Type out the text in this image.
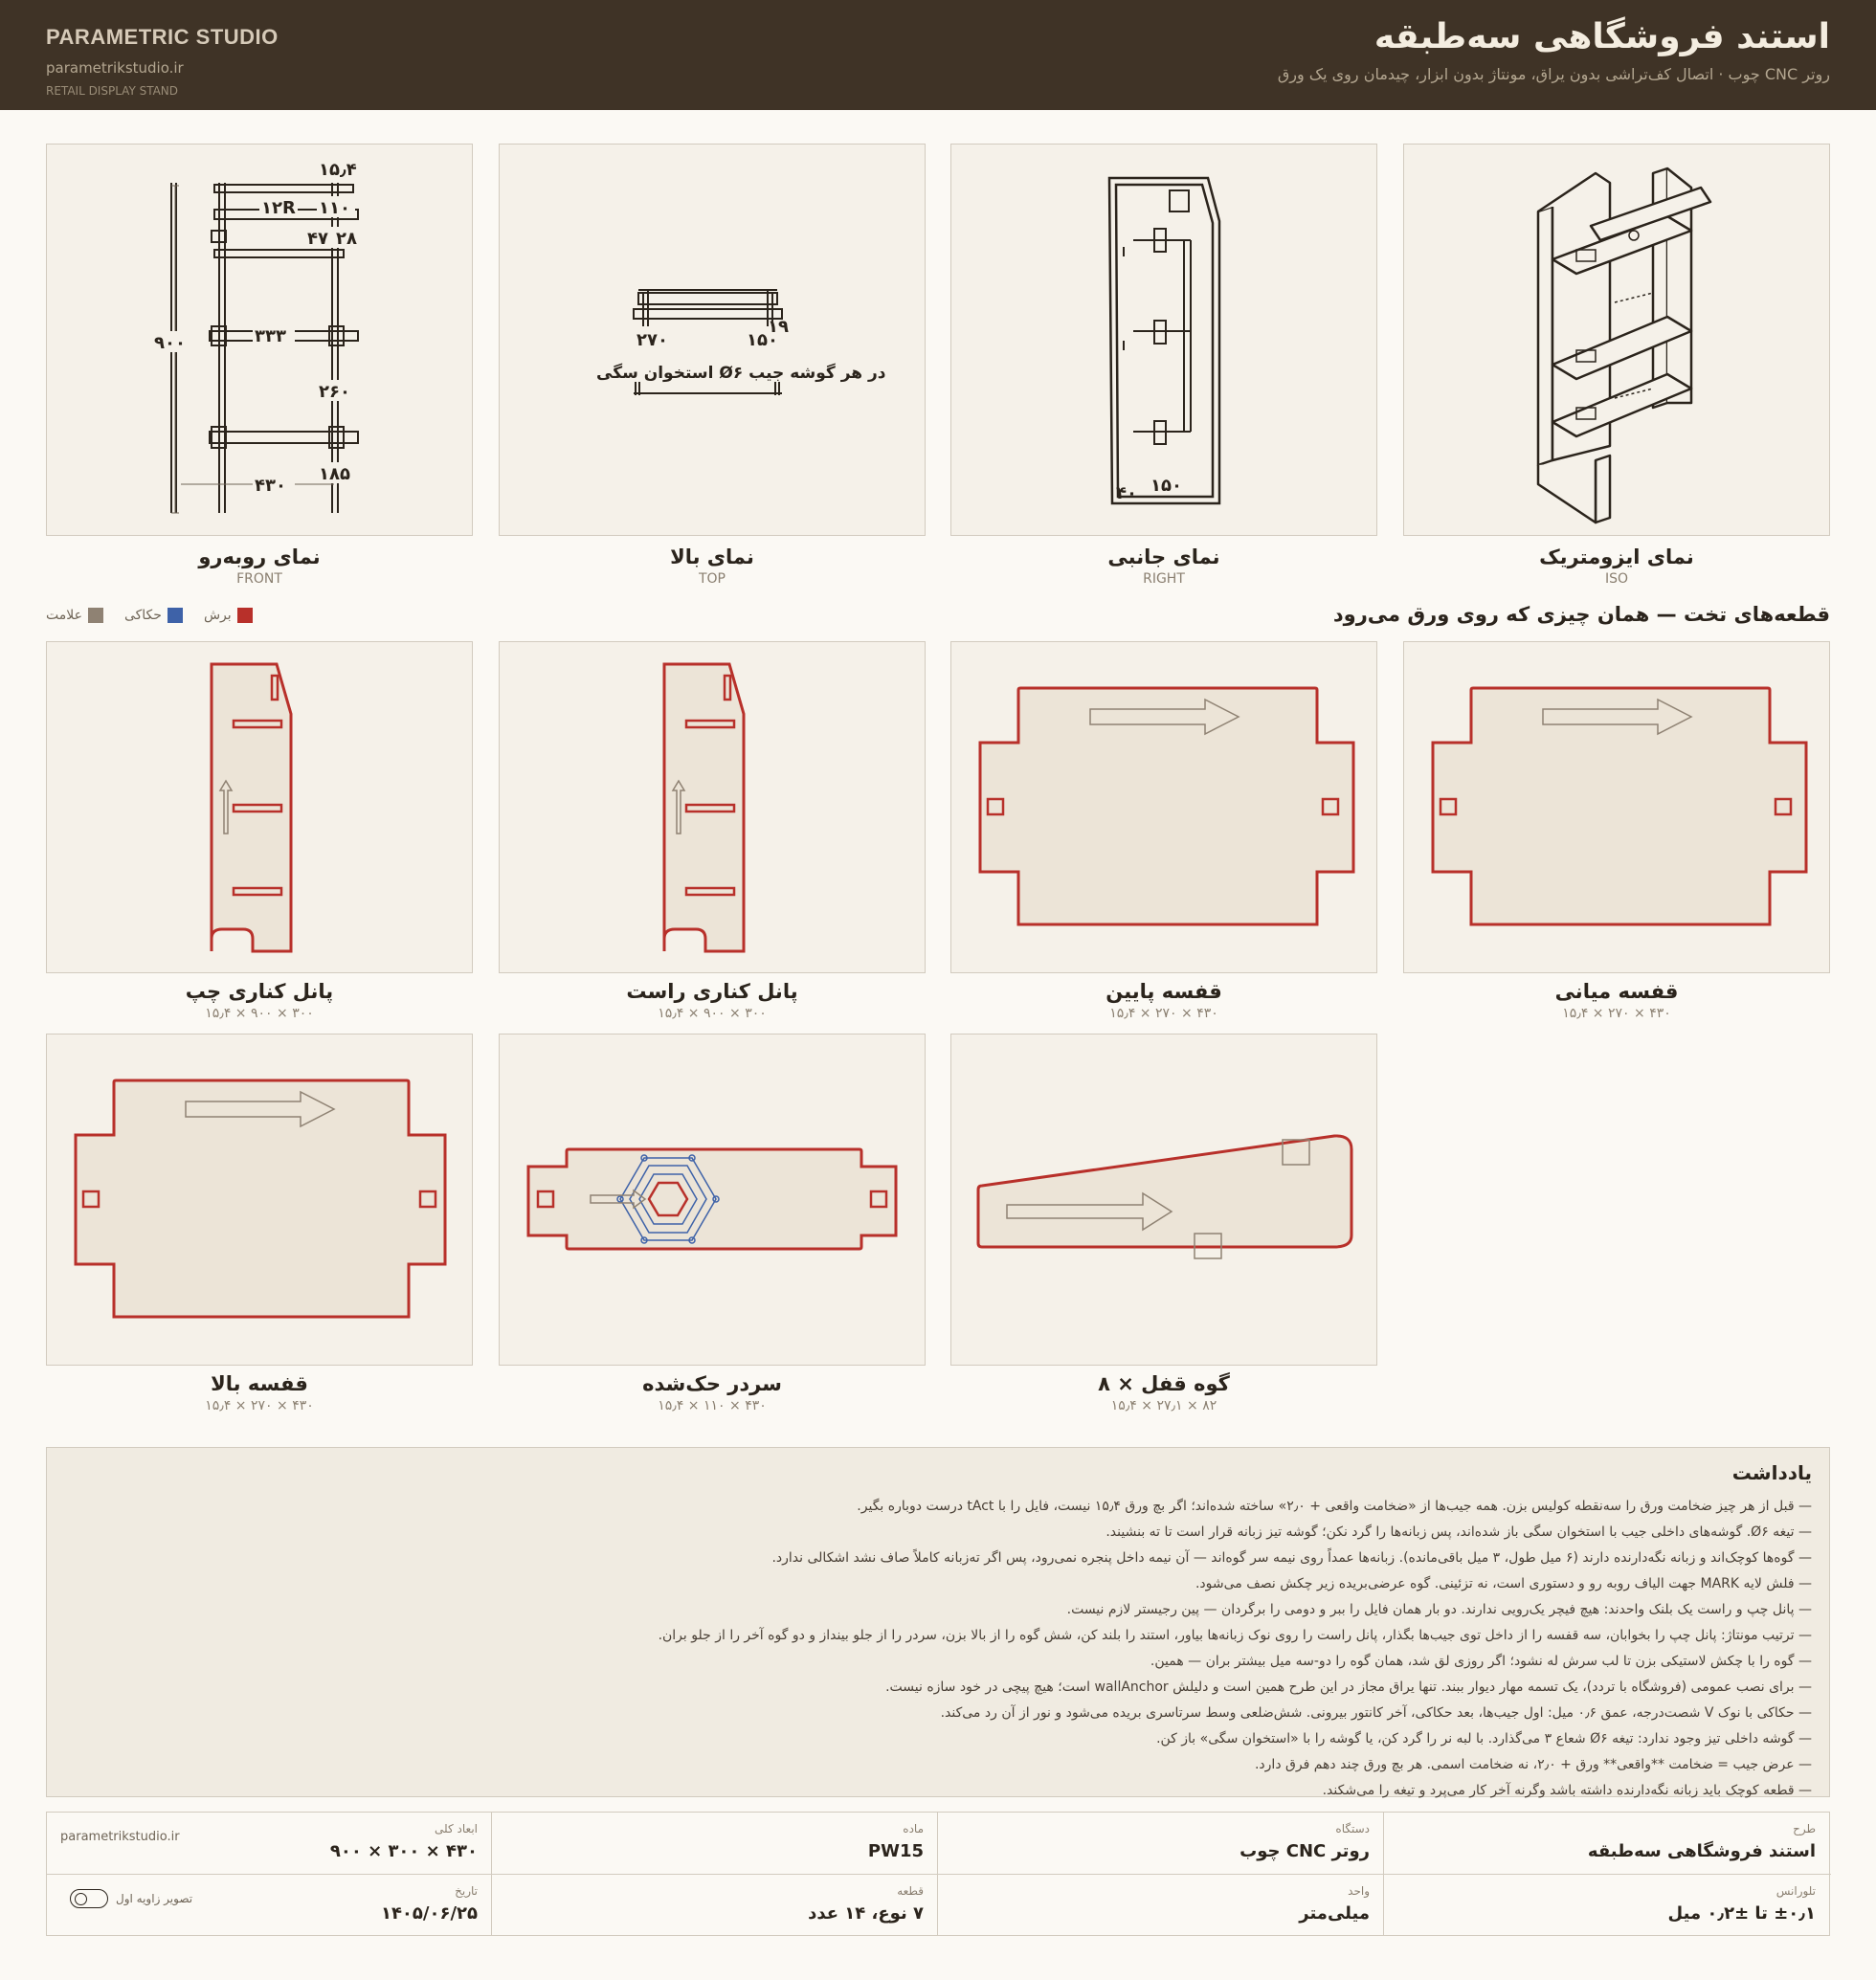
PARAMETRIC STUDIO
parametrikstudio.ir
RETAIL DISPLAY STAND
استند فروشگاهی سه‌طبقه
روتر CNC چوب · اتصال کف‌تراشی بدون یراق، مونتاژ بدون ابزار، چیدمان روی یک ورق
۱۵٫۴
۱۲R ۱۱۰
۴۷ ۲۸
۹۰۰	۳۳۳
۲۶۰
۴۳۰
۱۸۵
نمای رو‌به‌رو
FRONT
۲۷۰	۱۵۰
۱۹
استخوان سگی Ø۶ در هر گوشه جیب
نمای بالا
TOP
۱۵۰
۴۰
نمای جانبی
RIGHT
نمای ایزومتریک
ISO
قطعه‌های تخت — همان چیزی که روی ورق می‌رود
برش
حکاکی
علامت
پانل کناری چپ
۳۰۰ × ۹۰۰ × ۱۵٫۴
پانل کناری راست
۳۰۰ × ۹۰۰ × ۱۵٫۴
قفسه پایین
۴۳۰ × ۲۷۰ × ۱۵٫۴
قفسه میانی
۴۳۰ × ۲۷۰ × ۱۵٫۴
قفسه بالا
۴۳۰ × ۲۷۰ × ۱۵٫۴
سردر حک‌شده
۴۳۰ × ۱۱۰ × ۱۵٫۴
گوه قفل × ۸
۸۲ × ۲۷٫۱ × ۱۵٫۴
یادداشت
— قبل از هر چیز ضخامت ورق را سه‌نقطه کولیس بزن. همه جیب‌ها از «ضخامت واقعی + ۲٫۰» ساخته شده‌اند؛ اگر بچ ورق ۱۵٫۴ نیست، فایل را با tAct درست دوباره بگیر.
— تیغه Ø۶. گوشه‌های داخلی جیب با استخوان سگی باز شده‌اند، پس زبانه‌ها را گرد نکن؛ گوشه تیز زبانه قرار است تا ته بنشیند.
— گوه‌ها کوچک‌اند و زبانه نگه‌دارنده دارند (۶ میل طول، ۳ میل باقی‌مانده). زبانه‌ها عمداً روی نیمه سر گوه‌اند — آن نیمه داخل پنجره نمی‌رود، پس اگر ته‌زبانه کاملاً صاف نشد اشکالی ندارد.
— فلش لایه MARK جهت الیاف رو‌به رو و دستوری است، نه تزئینی. گوه عرضی‌بریده زیر چکش نصف می‌شود.
— پانل چپ و راست یک بلنک واحدند: هیچ فیچر یک‌رویی ندارند. دو بار همان فایل را ببر و دومی را برگردان — پین رجیستر لازم نیست.
— ترتیب مونتاژ: پانل چپ را بخوابان، سه قفسه را از داخل توی جیب‌ها بگذار، پانل راست را روی نوک زبانه‌ها بیاور، استند را بلند کن، شش گوه را از بالا بزن، سردر را از جلو بینداز و دو گوه آخر را از جلو بران.
— گوه را با چکش لاستیکی بزن تا لب سرش له نشود؛ اگر روزی لق شد، همان گوه را دو-سه میل بیشتر بران — همین.
— برای نصب عمومی (فروشگاه با تردد)، یک تسمه مهار دیوار ببند. تنها یراق مجاز در این طرح همین است و دلیلش wallAnchor است؛ هیچ پیچی در خود سازه نیست.
— حکاکی با نوک V شصت‌درجه، عمق ۰٫۶ میل: اول جیب‌ها، بعد حکاکی، آخر کانتور بیرونی. شش‌ضلعی وسط سرتاسری بریده می‌شود و نور از آن رد می‌کند.
— گوشه داخلی تیز وجود ندارد: تیغه Ø۶ شعاع ۳ می‌گذارد. با لبه نر را گرد کن، یا گوشه را با «استخوان سگی» باز کن.
— عرض جیب = ضخامت **واقعی** ورق + ۲٫۰، نه ضخامت اسمی. هر بچ ورق چند دهم فرق دارد.
— قطعه کوچک باید زبانه نگه‌دارنده داشته باشد وگرنه آخر کار می‌پرد و تیغه را می‌شکند.
طرح
استند فروشگاهی سه‌طبقه
دستگاه
روتر CNC چوب
ماده
PW15
ابعاد کلی
۴۳۰ × ۳۰۰ × ۹۰۰
تلورانس
±۰٫۱ تا ±۰٫۲ میل
واحد
میلی‌متر
قطعه
۷ نوع، ۱۴ عدد
تاریخ
۱۴۰۵/۰۶/۲۵
parametrikstudio.ir
تصویر زاویه اول
